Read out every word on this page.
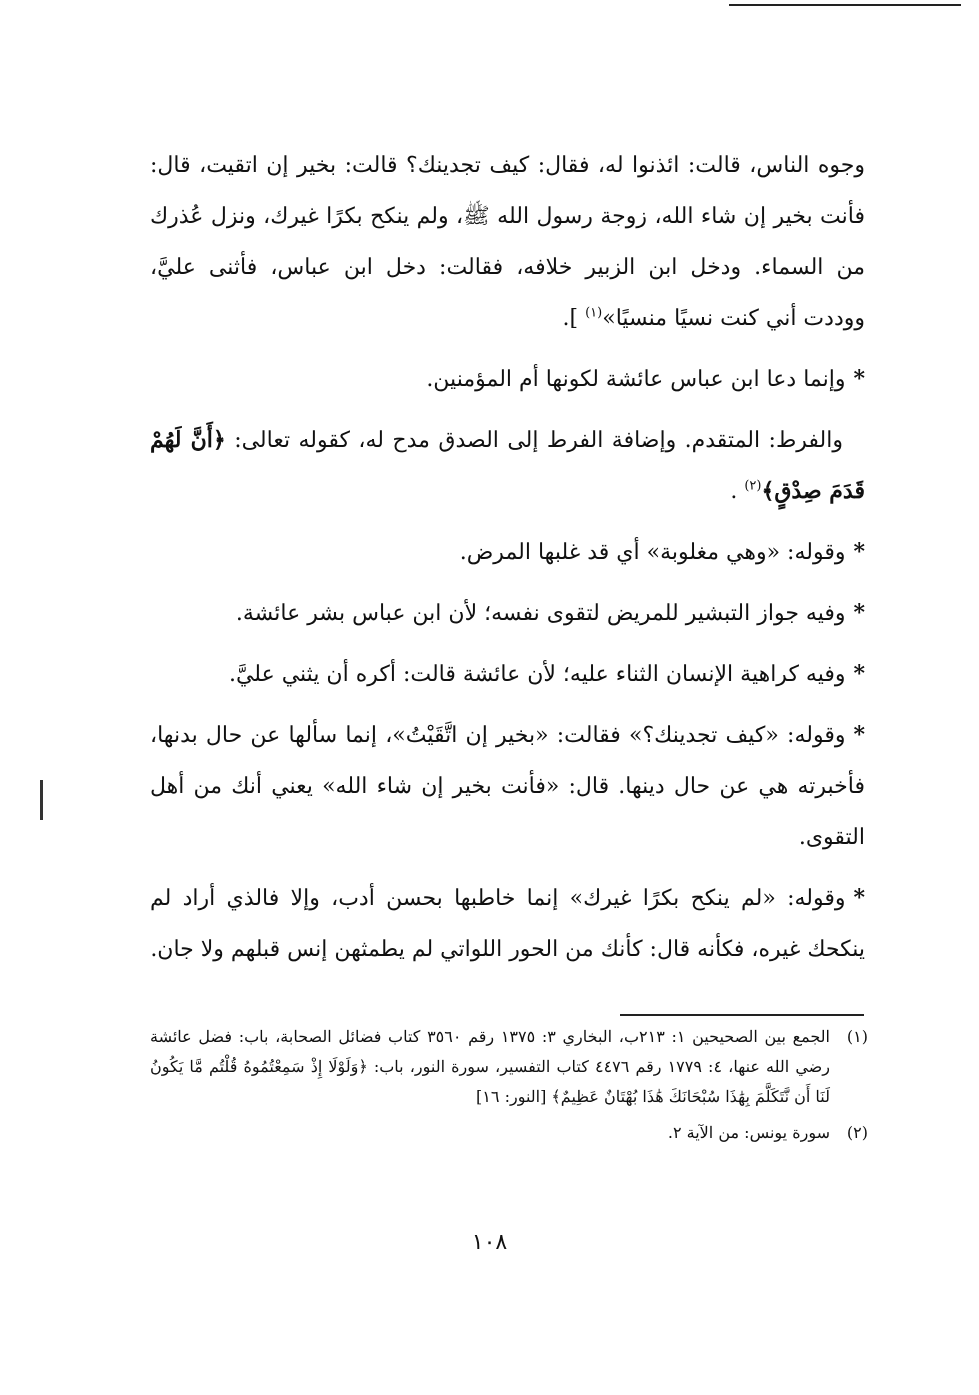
وجوه الناس، قالت: ائذنوا له، فقال: كيف تجدينك؟ قالت: بخير إن اتقيت، قال: فأنت بخير إن شاء الله، زوجة رسول الله ﷺ، ولم ينكح بكرًا غيرك، ونزل عُذرك من السماء. ودخل ابن الزبير خلافه، فقالت: دخل ابن عباس، فأثنى عليَّ، ووددت أني كنت نسيًا منسيًا»$^{(١)}$ ].

*وإنما دعا ابن عباس عائشة لكونها أم المؤمنين.

 والفرط: المتقدم. وإضافة الفرط إلى الصدق مدح له، كقوله تعالى: ﴿أَنَّ لَهُمْ قَدَمَ صِدْقٍ﴾$^{(٢)}$ .

*وقوله: «وهي مغلوبة» أي قد غلبها المرض.

*وفيه جواز التبشير للمريض لتقوى نفسه؛ لأن ابن عباس بشر عائشة.

*وفيه كراهية الإنسان الثناء عليه؛ لأن عائشة قالت: أكره أن يثني عليَّ.

*وقوله: «كيف تجدينك؟» فقالت: «بخير إن اتَّقَيْتُ»، إنما سألها عن حال بدنها، فأخبرته هي عن حال دينها. قال: «فأنت بخير إن شاء الله» يعني أنك من أهل التقوى.

*وقوله: «لم ينكح بكرًا غيرك» إنما خاطبها بحسن أدب، وإلا فالذي أراد لم ينكحك غيره، فكأنه قال: كأنك من الحور اللواتي لم يطمثهن إنس قبلهم ولا جان.

(١)
الجمع بين الصحيحين ١: ٢١٣ب، البخاري ٣: ١٣٧٥ رقم ٣٥٦٠ كتاب فضائل الصحابة، باب: فضل عائشة رضي الله عنها، ٤: ١٧٧٩ رقم ٤٤٧٦ كتاب التفسير، سورة النور، باب: ﴿وَلَوْلَا إِذْ سَمِعْتُمُوهُ قُلْتُم مَّا يَكُونُ لَنَا أَن نَّتَكَلَّمَ بِهَٰذَا سُبْحَانَكَ هَٰذَا بُهْتَانٌ عَظِيمٌ﴾ [النور: ١٦]

(٢)
سورة يونس: من الآية ٢.

١٠٨
